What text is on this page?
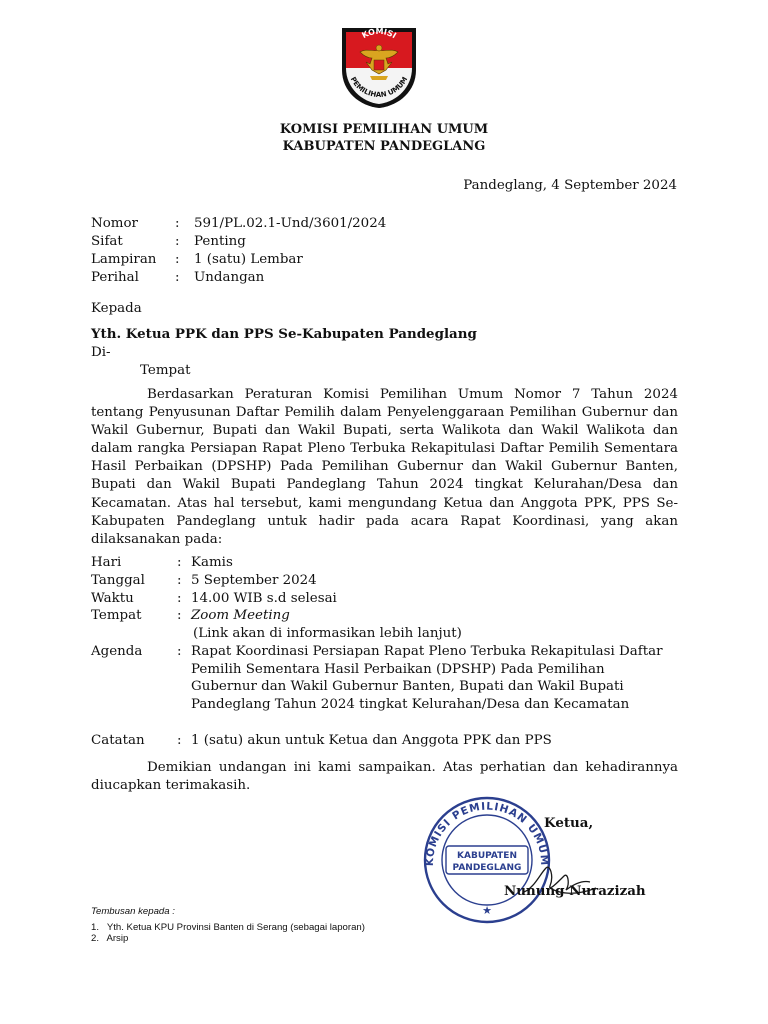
KOMISI
PEMILIHAN UMUM
KOMISI PEMILIHAN UMUM
KABUPATEN PANDEGLANG
Pandeglang, 4 September 2024
Nomor	: 591/PL.02.1-Und/3601/2024
Sifat	: Penting
Lampiran : 1 (satu) Lembar
Perihal	: Undangan
Kepada
Yth. Ketua PPK dan PPS Se-Kabupaten Pandeglang
Di-
Tempat
Berdasarkan Peraturan Komisi Pemilihan Umum Nomor 7 Tahun 2024 tentang Penyusunan Daftar Pemilih dalam Penyelenggaraan Pemilihan Gubernur dan Wakil Gubernur, Bupati dan Wakil Bupati, serta Walikota dan Wakil Walikota dan dalam rangka Persiapan Rapat Pleno Terbuka Rekapitulasi Daftar Pemilih Sementara Hasil Perbaikan (DPSHP) Pada Pemilihan Gubernur dan Wakil Gubernur Banten, Bupati dan Wakil Bupati Pandeglang Tahun 2024 tingkat Kelurahan/Desa dan Kecamatan. Atas hal tersebut, kami mengundang Ketua dan Anggota PPK, PPS Se-Kabupaten Pandeglang untuk hadir pada acara Rapat Koordinasi, yang akan dilaksanakan pada:
Hari	: Kamis
Tanggal : 5 September 2024
Waktu	: 14.00 WIB s.d selesai
Tempat	: Zoom Meeting
(Link akan di informasikan lebih lanjut)
Agenda	: Rapat Koordinasi Persiapan Rapat Pleno Terbuka Rekapitulasi Daftar Pemilih Sementara Hasil Perbaikan (DPSHP) Pada Pemilihan Gubernur dan Wakil Gubernur Banten, Bupati dan Wakil Bupati Pandeglang Tahun 2024 tingkat Kelurahan/Desa dan Kecamatan
Catatan : 1 (satu) akun untuk Ketua dan Anggota PPK dan PPS
Demikian undangan ini kami sampaikan. Atas perhatian dan kehadirannya diucapkan terimakasih.
KOMISI PEMILIHAN UMUM
KABUPATEN
PANDEGLANG
★
Ketua,
Nunung Nurazizah
Tembusan kepada :
1.   Yth. Ketua KPU Provinsi Banten di Serang (sebagai laporan)
2.   Arsip
